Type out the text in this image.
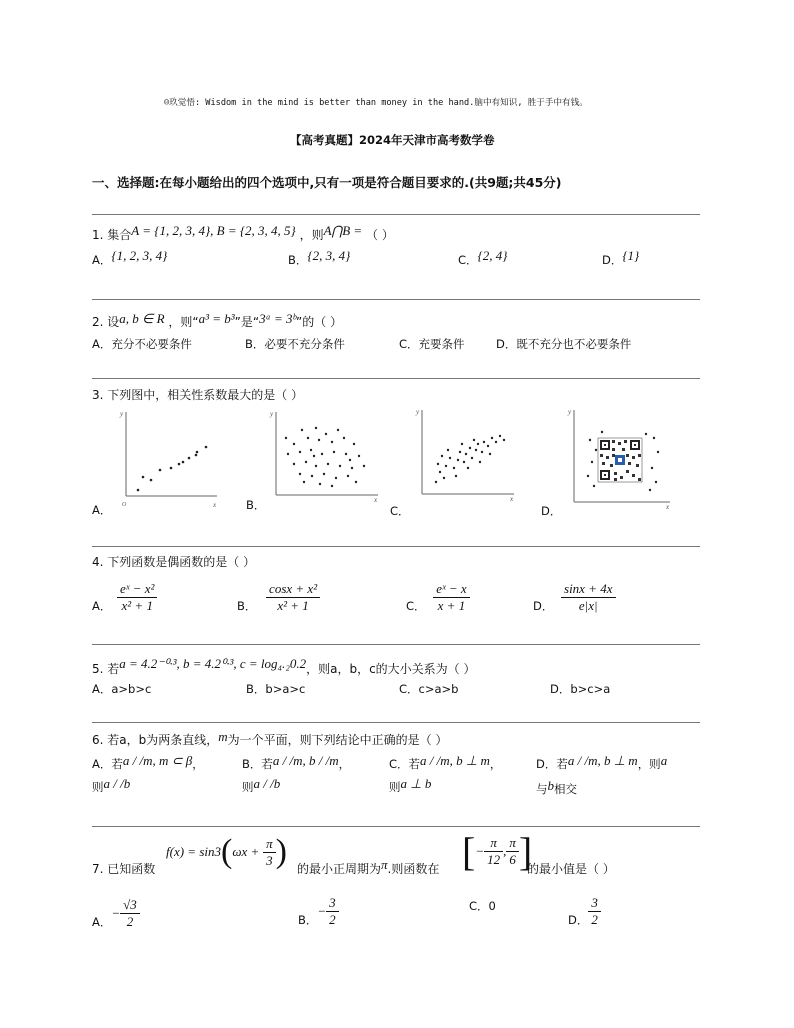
☺玖觉悟: Wisdom in the mind is better than money in the hand.脑中有知识, 胜于手中有钱。
【高考真题】2024年天津市高考数学卷
一、选择题:在每小题给出的四个选项中,只有一项是符合题目要求的.(共9题;共45分)
1. 集合A = {1, 2, 3, 4}, B = {2, 3, 4, 5} ，则A⋂B = （ ）
A．{1, 2, 3, 4}	B．{2, 3, 4}	C．{2, 4}	D．{1}
2. 设a, b ∈ R ，则“a³ = b³”是“3ᵃ = 3ᵇ”的（ ）
A．充分不必要条件	B．必要不充分条件	C．充要条件	D．既不充分也不必要条件
3. 下列图中，相关性系数最大的是（ ）
A．	B．	C．	D．
y
x
O
y
x
y
x
y
x
4. 下列函数是偶函数的是（ ）
A． $\frac{\text{eˣ − x²}}{\text{x² + 1}}$	B． $\frac{\text{cosx + x²}}{\text{x² + 1}}$	C． $\frac{\text{eˣ − x}}{x + 1}$	D． $\frac{\sin x + 4x}{e|x|}$
5. 若a = 4.2⁻⁰·³, b = 4.2⁰·³, c = log₄.₂0.2，则a，b，c的大小关系为（ ）
A．a>b>c	B．b>a>c	C．c>a>b	D．b>c>a
6. 若a，b为两条直线，m为一个平面，则下列结论中正确的是（ ）
A．若a / /m, m ⊂ β，	B．若a / /m, b / /m，	C．若a / /m, b ⊥ m，	D．若a / /m, b ⊥ m，则a
则a / /b	则a / /b	则a ⊥ b	与b相交
7. 已知函数
$f(x) = \sin 3(\omega x + \frac{\pi}{3}$ ) 的最小正周期为π.则函数在 [− $\frac{\pi}{12}$ , $\frac{\pi}{6}$ ]
的最小值是（ ）
A．− $\frac{√3}{2}$	B．− $\frac{3}{2}$	C．0
D． $\frac{3}{2}$
